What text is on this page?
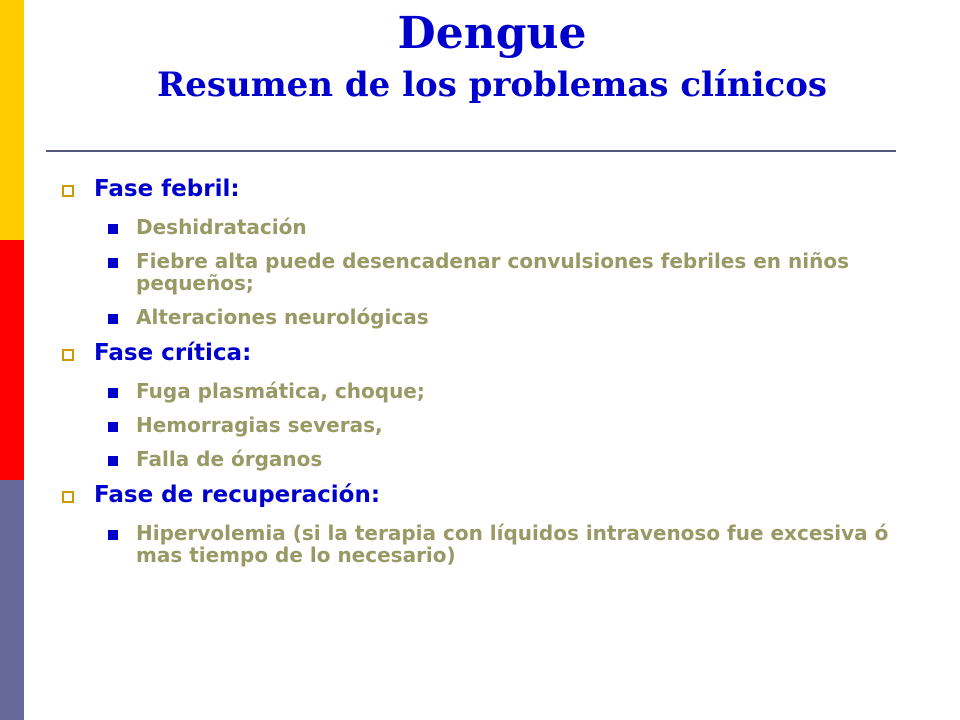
Dengue
Resumen de los problemas clínicos
Fase febril:
Deshidratación
Fiebre alta puede desencadenar convulsiones febriles en niños pequeños;
Alteraciones neurológicas
Fase crítica:
Fuga plasmática, choque;
Hemorragias severas,
Falla de órganos
Fase de recuperación:
Hipervolemia (si la terapia con líquidos intravenoso fue excesiva ó mas tiempo de lo necesario)
